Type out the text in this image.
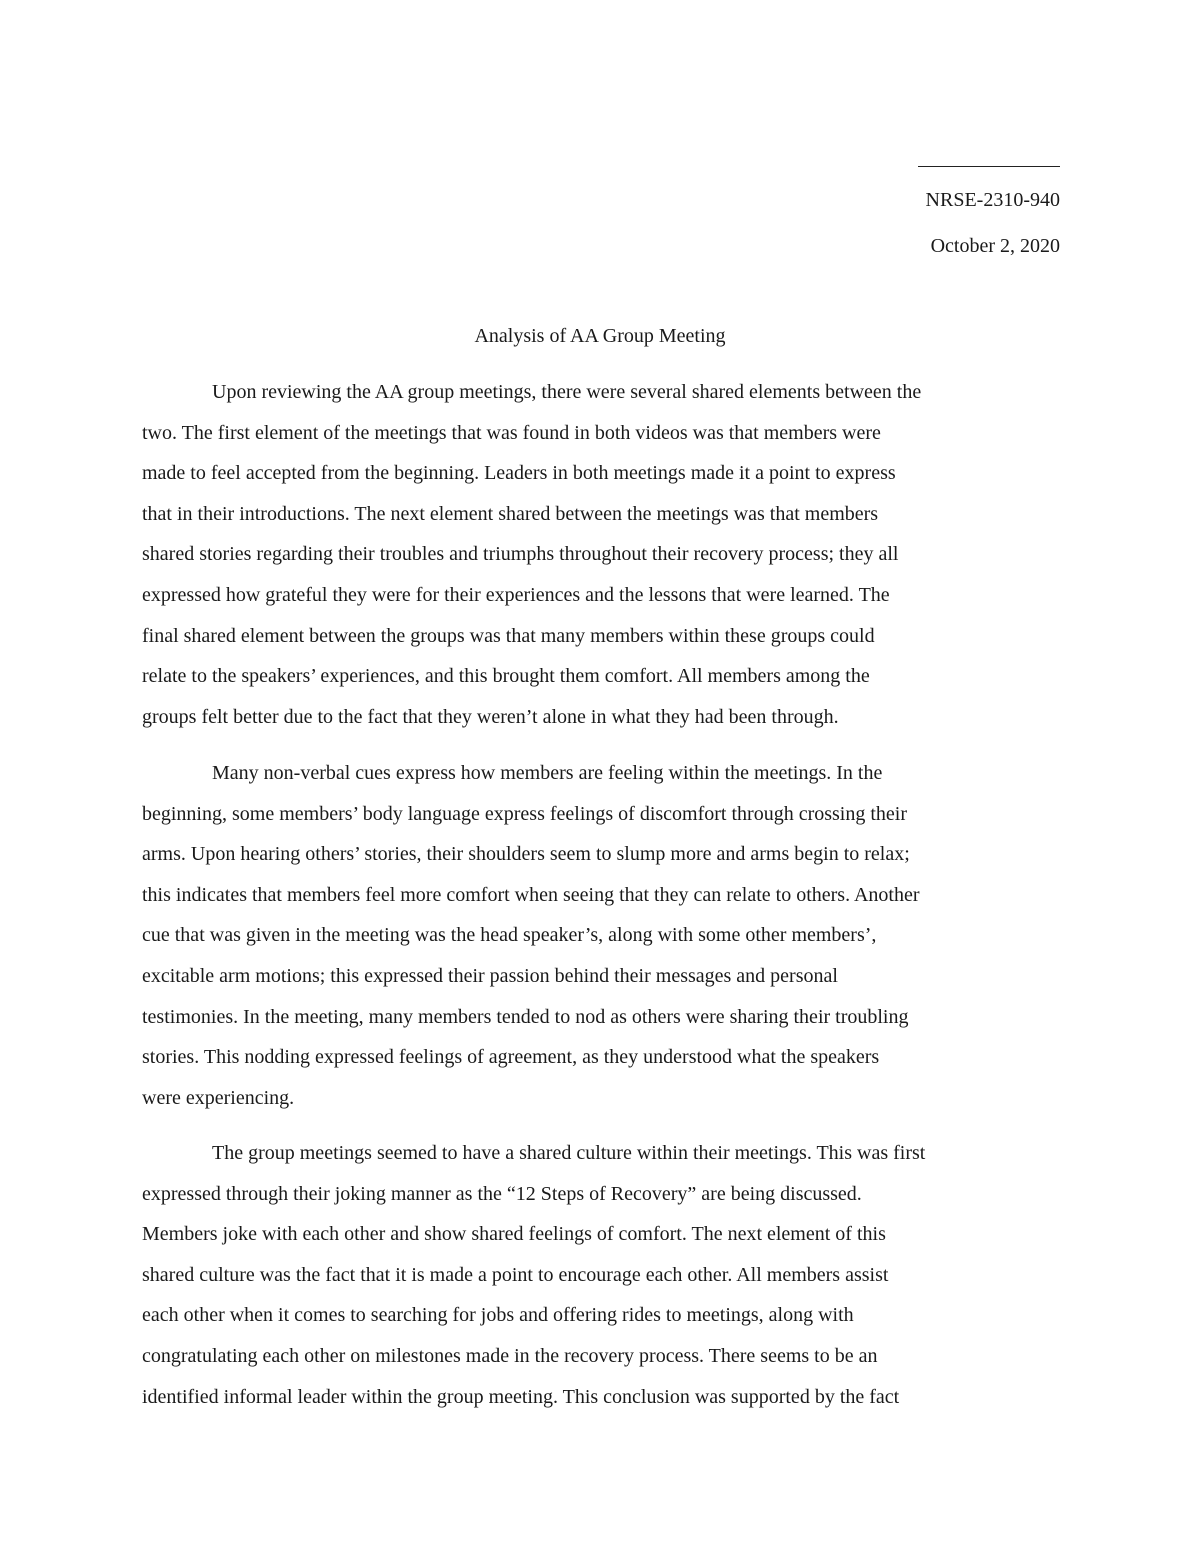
NRSE-2310-940
October 2, 2020
Analysis of AA Group Meeting
Upon reviewing the AA group meetings, there were several shared elements between the
two. The first element of the meetings that was found in both videos was that members were
made to feel accepted from the beginning. Leaders in both meetings made it a point to express
that in their introductions. The next element shared between the meetings was that members
shared stories regarding their troubles and triumphs throughout their recovery process; they all
expressed how grateful they were for their experiences and the lessons that were learned. The
final shared element between the groups was that many members within these groups could
relate to the speakers’ experiences, and this brought them comfort. All members among the
groups felt better due to the fact that they weren’t alone in what they had been through.
Many non-verbal cues express how members are feeling within the meetings. In the
beginning, some members’ body language express feelings of discomfort through crossing their
arms. Upon hearing others’ stories, their shoulders seem to slump more and arms begin to relax;
this indicates that members feel more comfort when seeing that they can relate to others. Another
cue that was given in the meeting was the head speaker’s, along with some other members’,
excitable arm motions; this expressed their passion behind their messages and personal
testimonies. In the meeting, many members tended to nod as others were sharing their troubling
stories. This nodding expressed feelings of agreement, as they understood what the speakers
were experiencing.
The group meetings seemed to have a shared culture within their meetings. This was first
expressed through their joking manner as the “12 Steps of Recovery” are being discussed.
Members joke with each other and show shared feelings of comfort. The next element of this
shared culture was the fact that it is made a point to encourage each other. All members assist
each other when it comes to searching for jobs and offering rides to meetings, along with
congratulating each other on milestones made in the recovery process. There seems to be an
identified informal leader within the group meeting. This conclusion was supported by the fact
